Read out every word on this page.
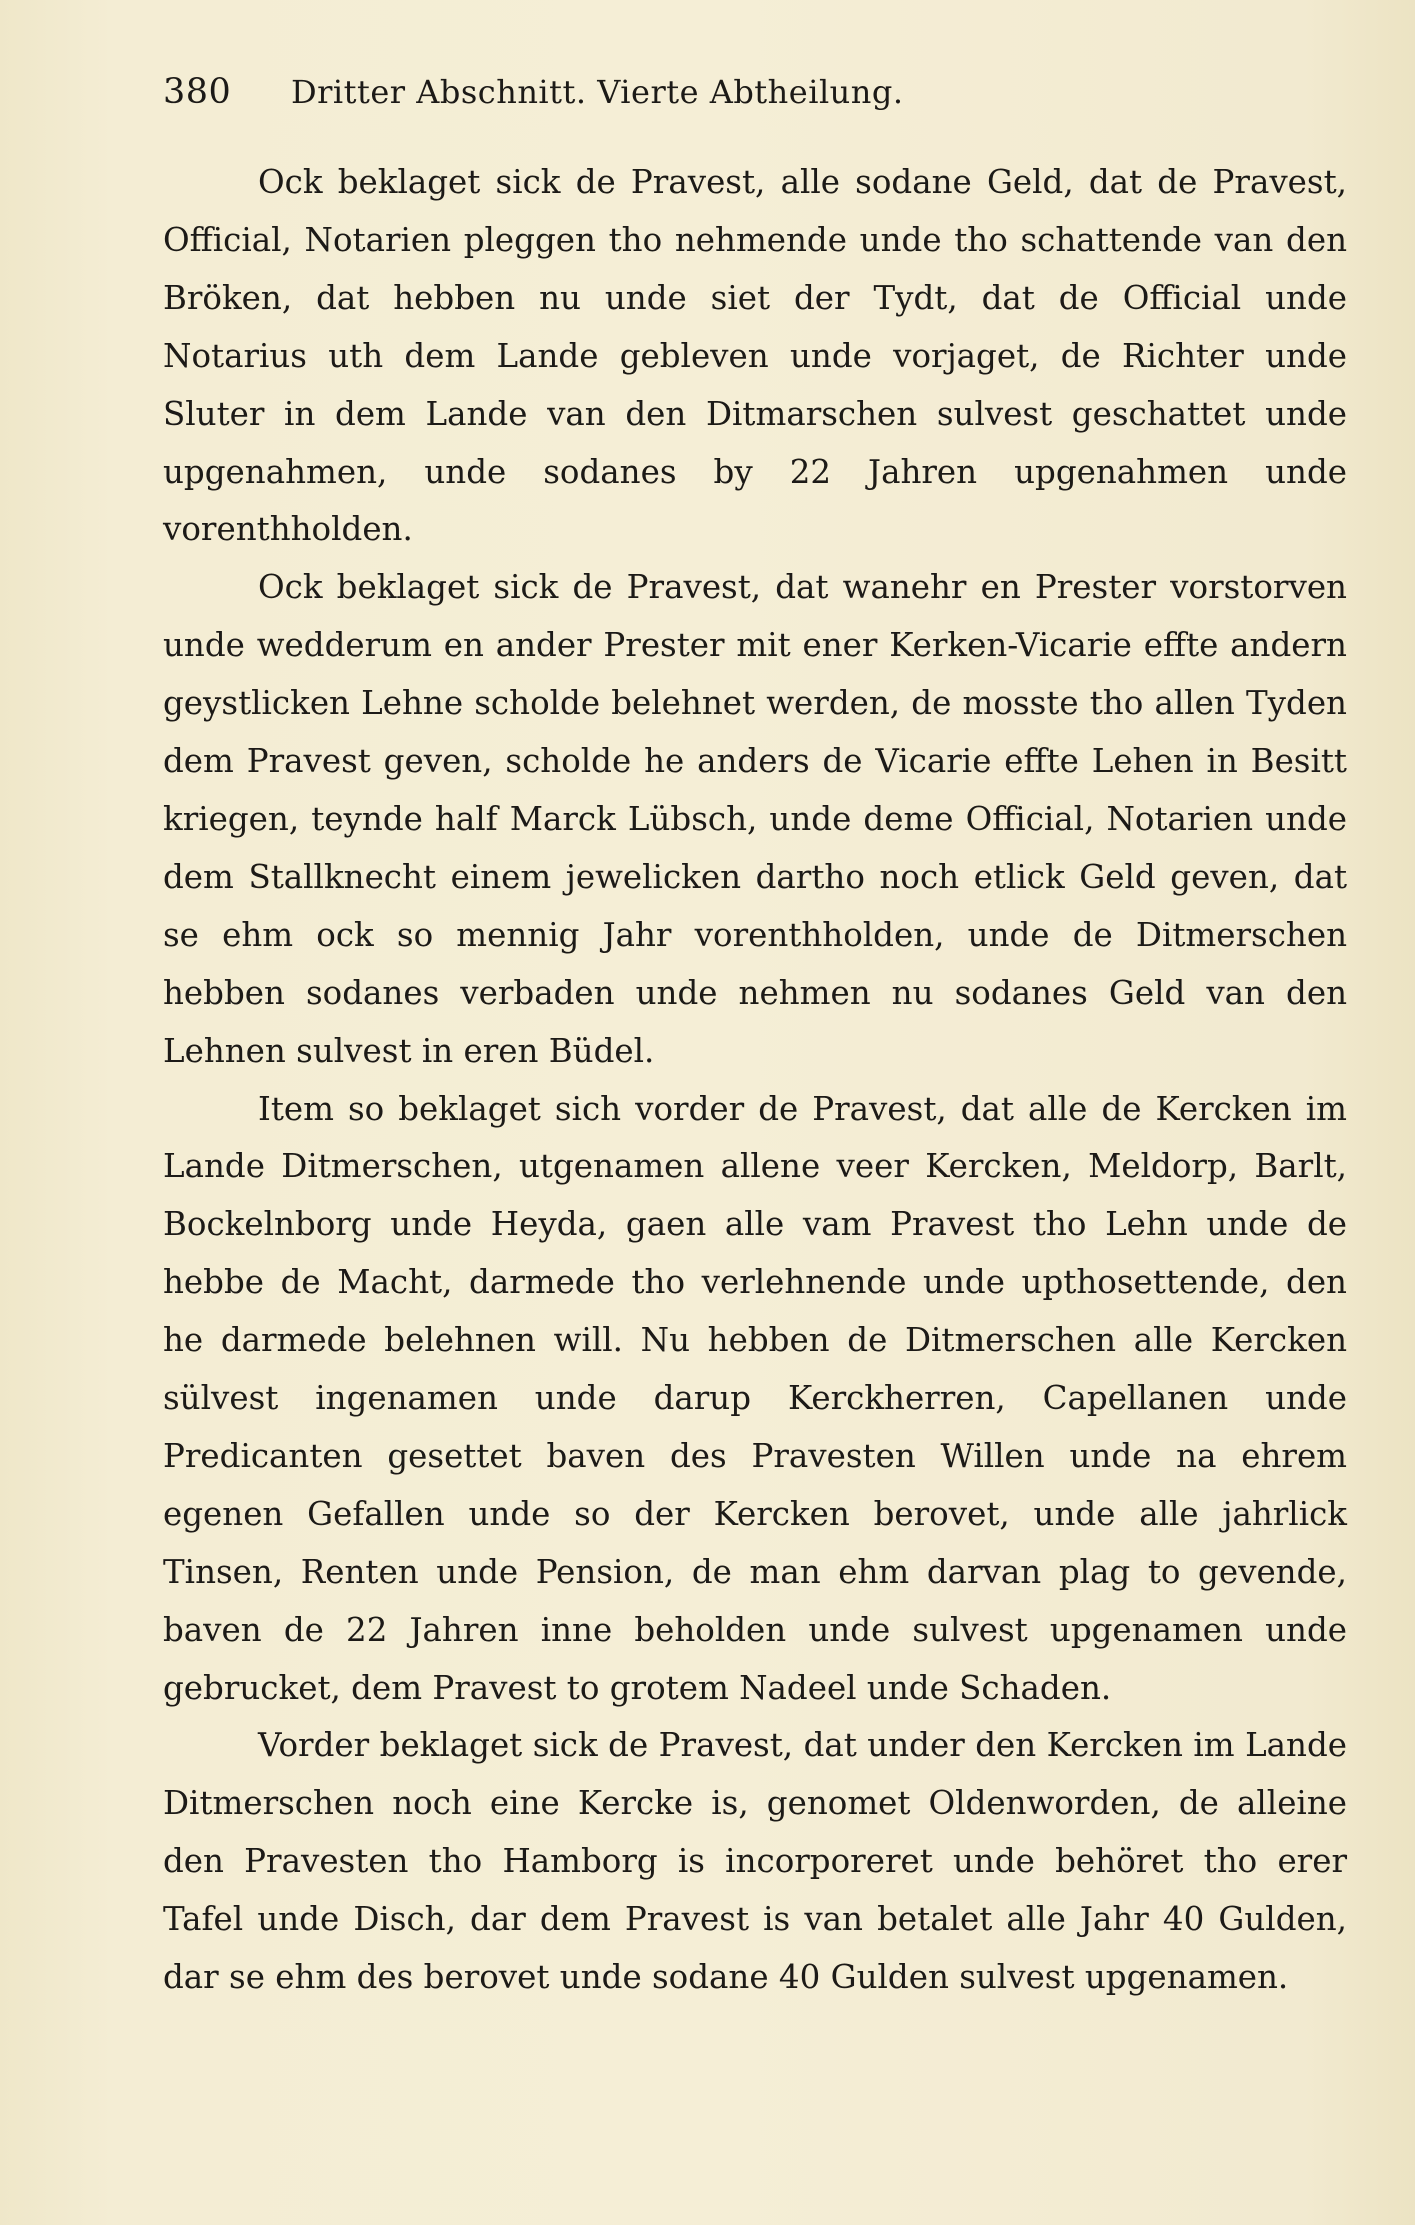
380 Dritter Abschnitt. Vierte Abtheilung.

Ock beklaget sick de Pravest, alle sodane Geld, dat de Pravest, Official, Notarien pleggen tho nehmende unde tho schattende van den Bröken, dat hebben nu unde siet der Tydt, dat de Official unde Notarius uth dem Lande gebleven unde vorjaget, de Richter unde Sluter in dem Lande van den Ditmarschen sulvest geschattet unde upgenahmen, unde sodanes by 22 Jahren upgenahmen unde vorenthholden.

Ock beklaget sick de Pravest, dat wanehr en Prester vorstorven unde wedderum en ander Prester mit ener Kerken-Vicarie effte andern geystlicken Lehne scholde belehnet werden, de mosste tho allen Tyden dem Pravest geven, scholde he anders de Vicarie effte Lehen in Besitt kriegen, teynde half Marck Lübsch, unde deme Official, Notarien unde dem Stallknecht einem jewelicken dartho noch etlick Geld geven, dat se ehm ock so mennig Jahr vorenthholden, unde de Ditmerschen hebben sodanes verbaden unde nehmen nu sodanes Geld van den Lehnen sulvest in eren Büdel.

Item so beklaget sich vorder de Pravest, dat alle de Kercken im Lande Ditmerschen, utgenamen allene veer Kercken, Meldorp, Barlt, Bockelnborg unde Heyda, gaen alle vam Pravest tho Lehn unde de hebbe de Macht, darmede tho verlehnende unde upthosettende, den he darmede belehnen will. Nu hebben de Ditmerschen alle Kercken sülvest ingenamen unde darup Kerckherren, Capellanen unde Predicanten gesettet baven des Pravesten Willen unde na ehrem egenen Gefallen unde so der Kercken berovet, unde alle jahrlick Tinsen, Renten unde Pension, de man ehm darvan plag to gevende, baven de 22 Jahren inne beholden unde sulvest upgenamen unde gebrucket, dem Pravest to grotem Nadeel unde Schaden.

Vorder beklaget sick de Pravest, dat under den Kercken im Lande Ditmerschen noch eine Kercke is, genomet Oldenworden, de alleine den Pravesten tho Hamborg is incorporeret unde behöret tho erer Tafel unde Disch, dar dem Pravest is van betalet alle Jahr 40 Gulden, dar se ehm des berovet unde sodane 40 Gulden sulvest upgenamen.
